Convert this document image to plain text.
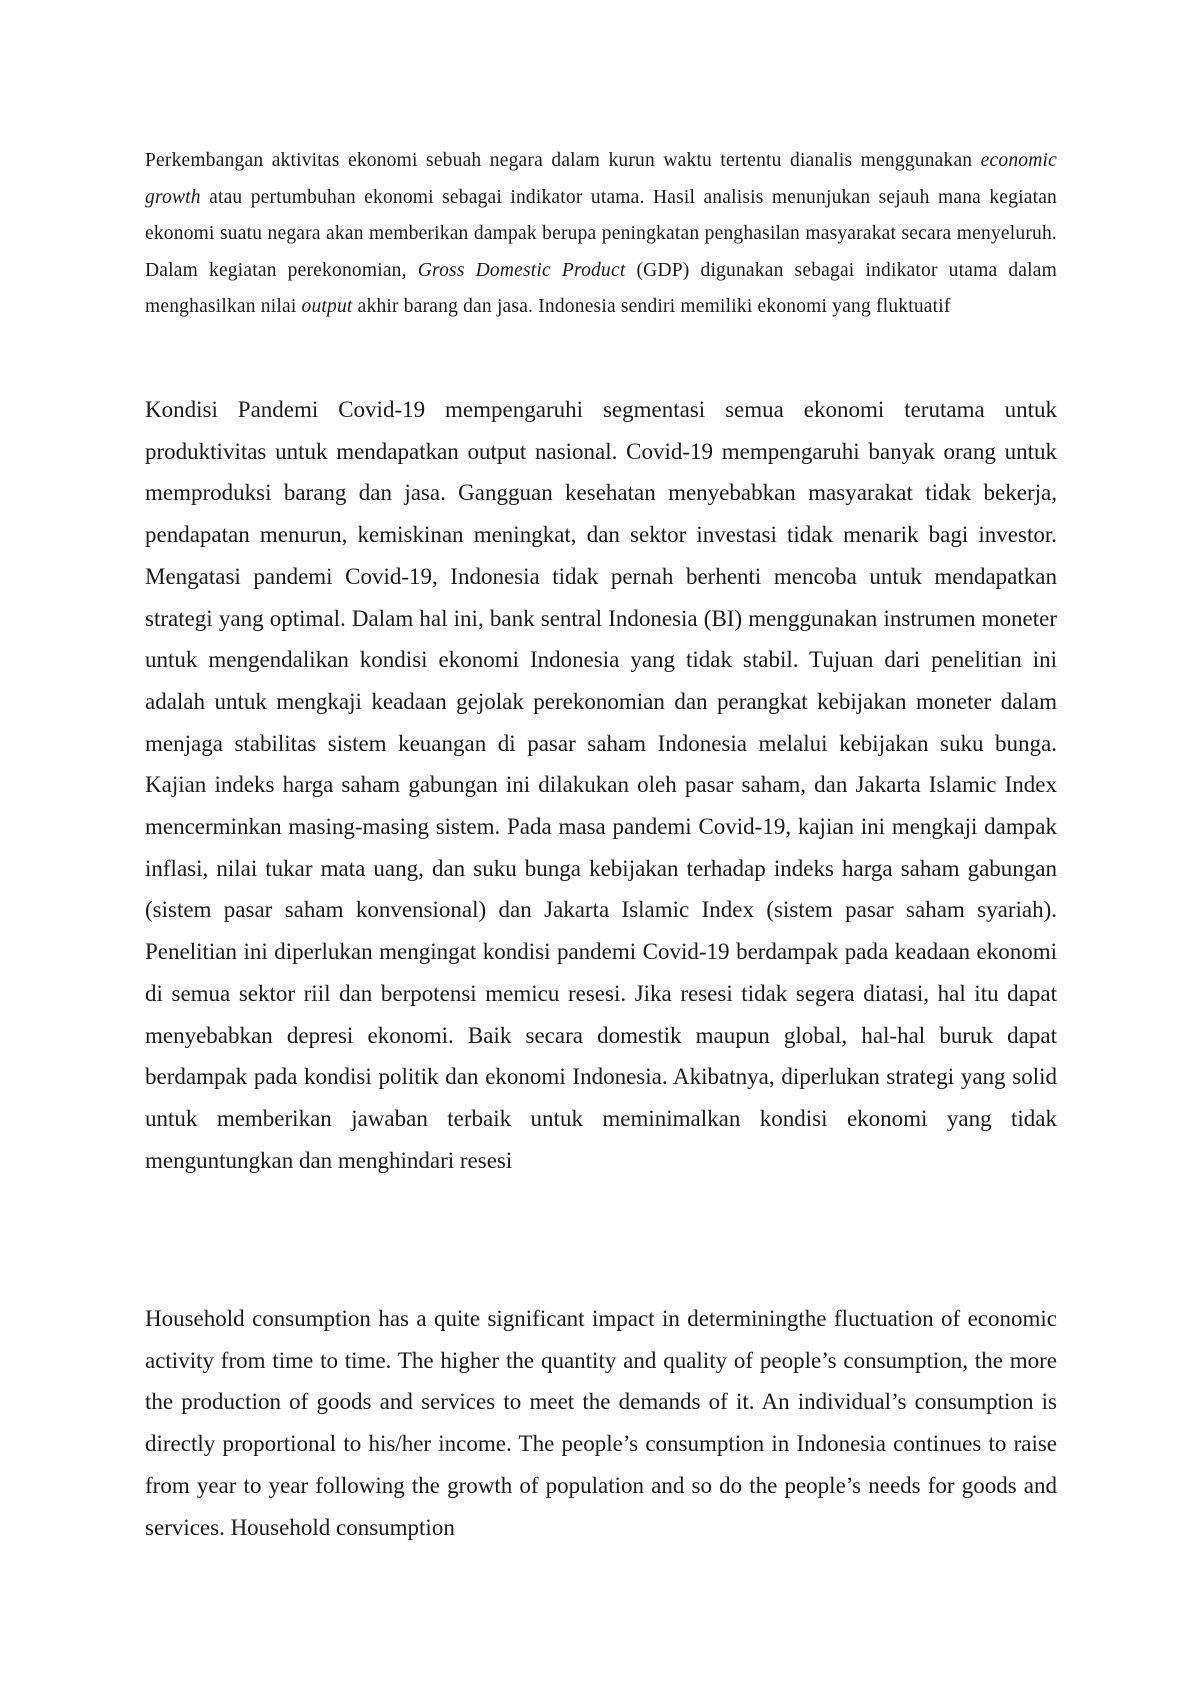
Perkembangan aktivitas ekonomi sebuah negara dalam kurun waktu tertentu dianalis menggunakan economic growth atau pertumbuhan ekonomi sebagai indikator utama. Hasil analisis menunjukan sejauh mana kegiatan ekonomi suatu negara akan memberikan dampak berupa peningkatan penghasilan masyarakat secara menyeluruh. Dalam kegiatan perekonomian, Gross Domestic Product (GDP) digunakan sebagai indikator utama dalam menghasilkan nilai output akhir barang dan jasa. Indonesia sendiri memiliki ekonomi yang fluktuatif

Kondisi Pandemi Covid-19 mempengaruhi segmentasi semua ekonomi terutama untuk produktivitas untuk mendapatkan output nasional. Covid-19 mempengaruhi banyak orang untuk memproduksi barang dan jasa. Gangguan kesehatan menyebabkan masyarakat tidak bekerja, pendapatan menurun, kemiskinan meningkat, dan sektor investasi tidak menarik bagi investor. Mengatasi pandemi Covid-19, Indonesia tidak pernah berhenti mencoba untuk mendapatkan strategi yang optimal. Dalam hal ini, bank sentral Indonesia (BI) menggunakan instrumen moneter untuk mengendalikan kondisi ekonomi Indonesia yang tidak stabil. Tujuan dari penelitian ini adalah untuk mengkaji keadaan gejolak perekonomian dan perangkat kebijakan moneter dalam menjaga stabilitas sistem keuangan di pasar saham Indonesia melalui kebijakan suku bunga. Kajian indeks harga saham gabungan ini dilakukan oleh pasar saham, dan Jakarta Islamic Index mencerminkan masing-masing sistem. Pada masa pandemi Covid-19, kajian ini mengkaji dampak inflasi, nilai tukar mata uang, dan suku bunga kebijakan terhadap indeks harga saham gabungan (sistem pasar saham konvensional) dan Jakarta Islamic Index (sistem pasar saham syariah). Penelitian ini diperlukan mengingat kondisi pandemi Covid-19 berdampak pada keadaan ekonomi di semua sektor riil dan berpotensi memicu resesi. Jika resesi tidak segera diatasi, hal itu dapat menyebabkan depresi ekonomi. Baik secara domestik maupun global, hal-hal buruk dapat berdampak pada kondisi politik dan ekonomi Indonesia. Akibatnya, diperlukan strategi yang solid untuk memberikan jawaban terbaik untuk meminimalkan kondisi ekonomi yang tidak menguntungkan dan menghindari resesi

Household consumption has a quite significant impact in determiningthe fluctuation of economic activity from time to time. The higher the quantity and quality of people’s consumption, the more the production of goods and services to meet the demands of it. An individual’s consumption is directly proportional to his/her income. The people’s consumption in Indonesia continues to raise from year to year following the growth of population and so do the people’s needs for goods and services. Household consumption
